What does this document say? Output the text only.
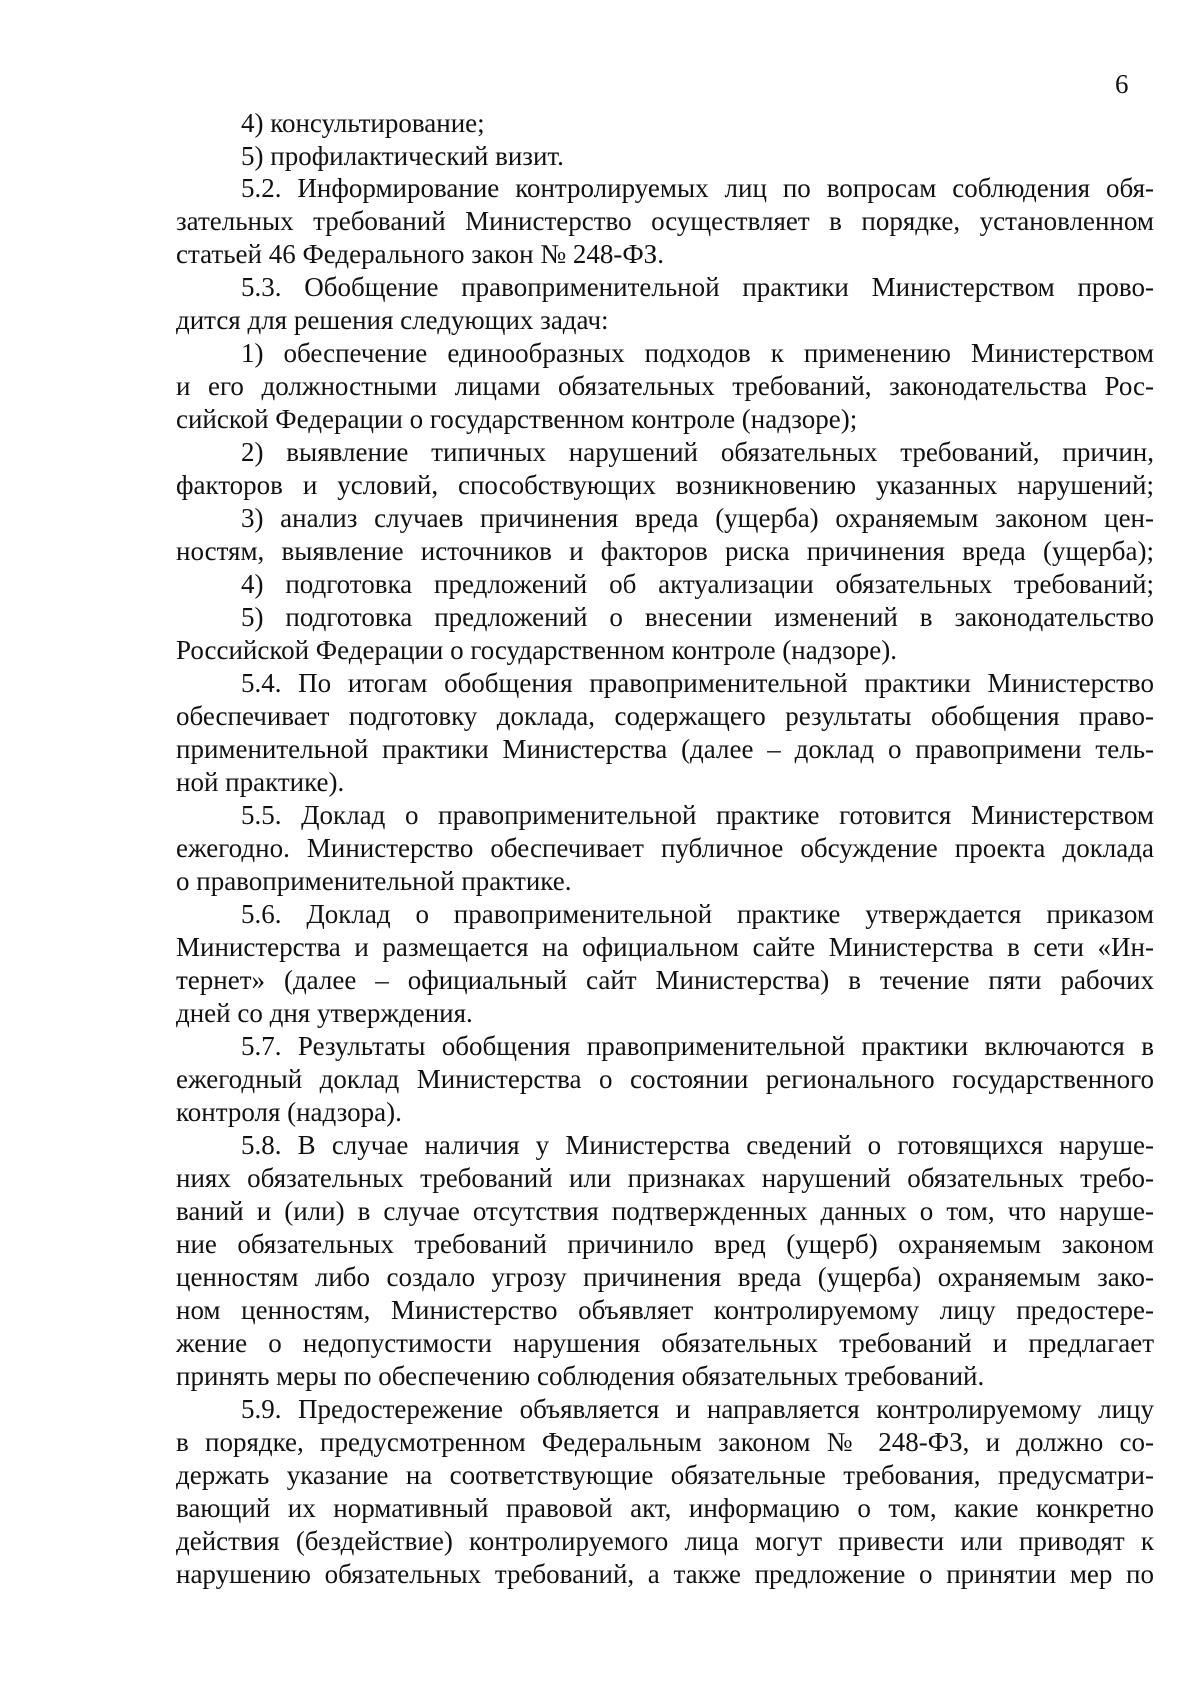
6
4) консультирование;
5) профилактический визит.
5.2. Информирование контролируемых лиц по вопросам соблюдения обя-
зательных требований Министерство осуществляет в порядке, установленном
статьей 46 Федерального закон № 248-ФЗ.
5.3. Обобщение правоприменительной практики Министерством прово-
дится для решения следующих задач:
1) обеспечение единообразных подходов к применению Министерством
и его должностными лицами обязательных требований, законодательства Рос-
сийской Федерации о государственном контроле (надзоре);
2) выявление типичных нарушений обязательных требований, причин,
факторов и условий, способствующих возникновению указанных нарушений;
3) анализ случаев причинения вреда (ущерба) охраняемым законом цен-
ностям, выявление источников и факторов риска причинения вреда (ущерба);
4) подготовка предложений об актуализации обязательных требований;
5) подготовка предложений о внесении изменений в законодательство
Российской Федерации о государственном контроле (надзоре).
5.4. По итогам обобщения правоприменительной практики Министерство
обеспечивает подготовку доклада, содержащего результаты обобщения право-
применительной практики Министерства (далее – доклад о правопримени тель-
ной практике).
5.5. Доклад о правоприменительной практике готовится Министерством
ежегодно. Министерство обеспечивает публичное обсуждение проекта доклада
о правоприменительной практике.
5.6. Доклад о правоприменительной практике утверждается приказом
Министерства и размещается на официальном сайте Министерства в сети «Ин-
тернет» (далее – официальный сайт Министерства) в течение пяти рабочих
дней со дня утверждения.
5.7. Результаты обобщения правоприменительной практики включаются в
ежегодный доклад Министерства о состоянии регионального государственного
контроля (надзора).
5.8. В случае наличия у Министерства сведений о готовящихся наруше-
ниях обязательных требований или признаках нарушений обязательных требо-
ваний и (или) в случае отсутствия подтвержденных данных о том, что наруше-
ние обязательных требований причинило вред (ущерб) охраняемым законом
ценностям либо создало угрозу причинения вреда (ущерба) охраняемым зако-
ном ценностям, Министерство объявляет контролируемому лицу предостере-
жение о недопустимости нарушения обязательных требований и предлагает
принять меры по обеспечению соблюдения обязательных требований.
5.9. Предостережение объявляется и направляется контролируемому лицу
в порядке, предусмотренном Федеральным законом № 248-ФЗ, и должно со-
держать указание на соответствующие обязательные требования, предусматри-
вающий их нормативный правовой акт, информацию о том, какие конкретно
действия (бездействие) контролируемого лица могут привести или приводят к
нарушению обязательных требований, а также предложение о принятии мер по
